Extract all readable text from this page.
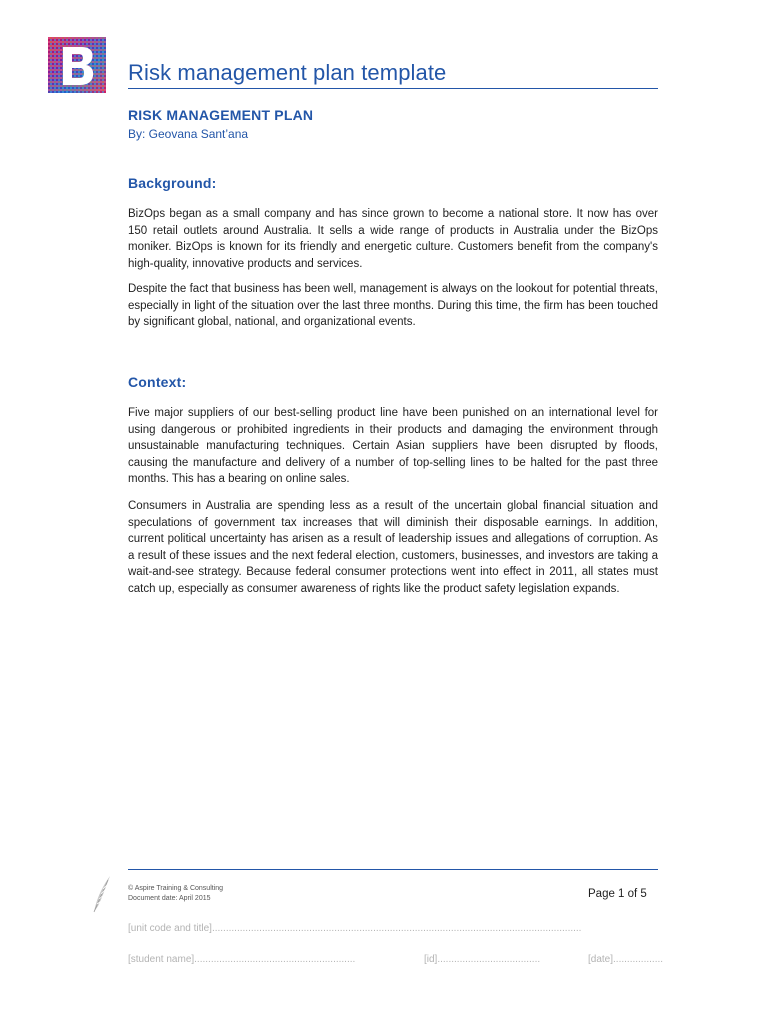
Risk management plan template
RISK MANAGEMENT PLAN
By: Geovana Sant’ana
Background:
BizOps began as a small company and has since grown to become a national store. It now has over 150 retail outlets around Australia. It sells a wide range of products in Australia under the BizOps moniker. BizOps is known for its friendly and energetic culture. Customers benefit from the company's high-quality, innovative products and services.
Despite the fact that business has been well, management is always on the lookout for potential threats, especially in light of the situation over the last three months. During this time, the firm has been touched by significant global, national, and organizational events.
Context:
Five major suppliers of our best-selling product line have been punished on an international level for using dangerous or prohibited ingredients in their products and damaging the environment through unsustainable manufacturing techniques. Certain Asian suppliers have been disrupted by floods, causing the manufacture and delivery of a number of top-selling lines to be halted for the past three months. This has a bearing on online sales.
Consumers in Australia are spending less as a result of the uncertain global financial situation and speculations of government tax increases that will diminish their disposable earnings. In addition, current political uncertainty has arisen as a result of leadership issues and allegations of corruption. As a result of these issues and the next federal election, customers, businesses, and investors are taking a wait-and-see strategy. Because federal consumer protections went into effect in 2011, all states must catch up, especially as consumer awareness of rights like the product safety legislation expands.
© Aspire Training & Consulting
Document date: April 2015	Page 1 of 5
[unit code and title].....................................................................................................................................
[student name]..........................................................	[id].....................................	[date]..................
